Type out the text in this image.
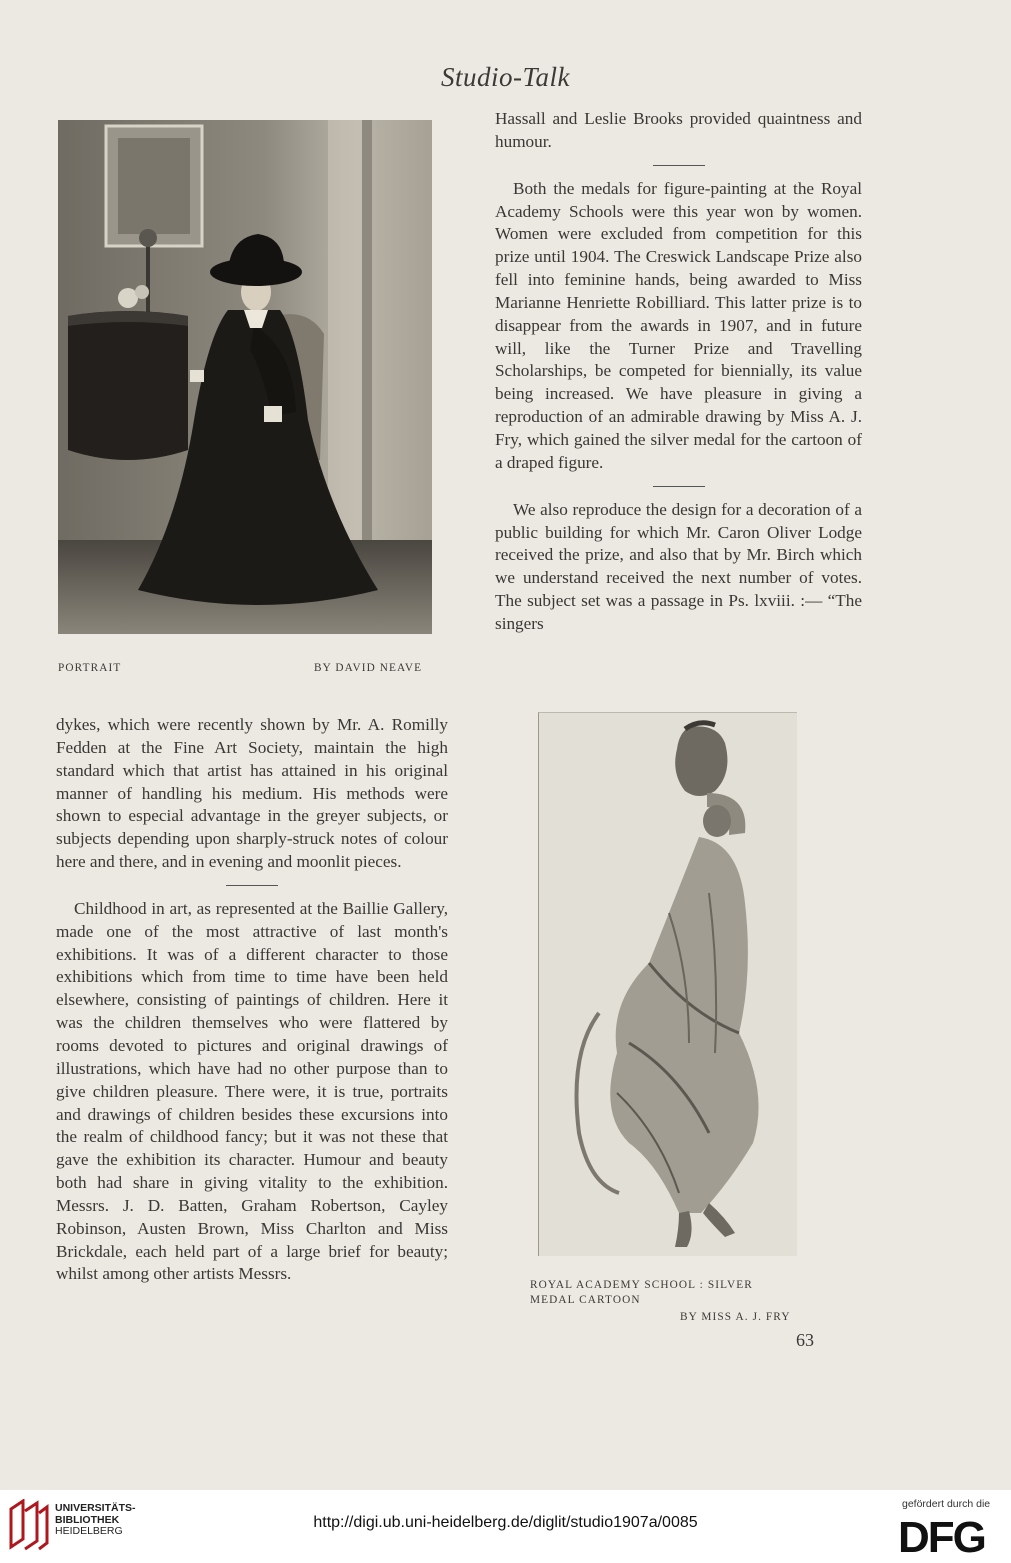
Studio-Talk
PORTRAIT	BY DAVID NEAVE

Hassall and Leslie Brooks provided quaintness and humour.

Both the medals for figure-painting at the Royal Academy Schools were this year won by women. Women were excluded from competition for this prize until 1904. The Creswick Landscape Prize also fell into feminine hands, being awarded to Miss Marianne Henriette Robilliard. This latter prize is to disappear from the awards in 1907, and in future will, like the Turner Prize and Travelling Scholarships, be competed for biennially, its value being increased. We have pleasure in giving a reproduction of an admirable drawing by Miss A. J. Fry, which gained the silver medal for the cartoon of a draped figure.

We also reproduce the design for a decoration of a public building for which Mr. Caron Oliver Lodge received the prize, and also that by Mr. Birch which we understand received the next number of votes. The subject set was a passage in Ps. lxviii. :— “The singers

dykes, which were recently shown by Mr. A. Romilly Fedden at the Fine Art Society, maintain the high standard which that artist has attained in his original manner of handling his medium. His methods were shown to especial advantage in the greyer subjects, or subjects depending upon sharply-struck notes of colour here and there, and in evening and moonlit pieces.

Childhood in art, as represented at the Baillie Gallery, made one of the most attractive of last month's exhibitions. It was of a different character to those exhibitions which from time to time have been held elsewhere, consisting of paintings of children. Here it was the children themselves who were flattered by rooms devoted to pictures and original drawings of illustrations, which have had no other purpose than to give children pleasure. There were, it is true, portraits and drawings of children besides these excursions into the realm of childhood fancy; but it was not these that gave the exhibition its character. Humour and beauty both had share in giving vitality to the exhibition. Messrs. J. D. Batten, Graham Robertson, Cayley Robinson, Austen Brown, Miss Charlton and Miss Brickdale, each held part of a large brief for beauty; whilst among other artists Messrs.

ROYAL ACADEMY SCHOOL : SILVER
MEDAL CARTOON
BY MISS A. J. FRY
63
UNIVERSITÄTS-
BIBLIOTHEK
HEIDELBERG	http://digi.ub.uni-heidelberg.de/diglit/studio1907a/0085
gefördert durch die
DFG
